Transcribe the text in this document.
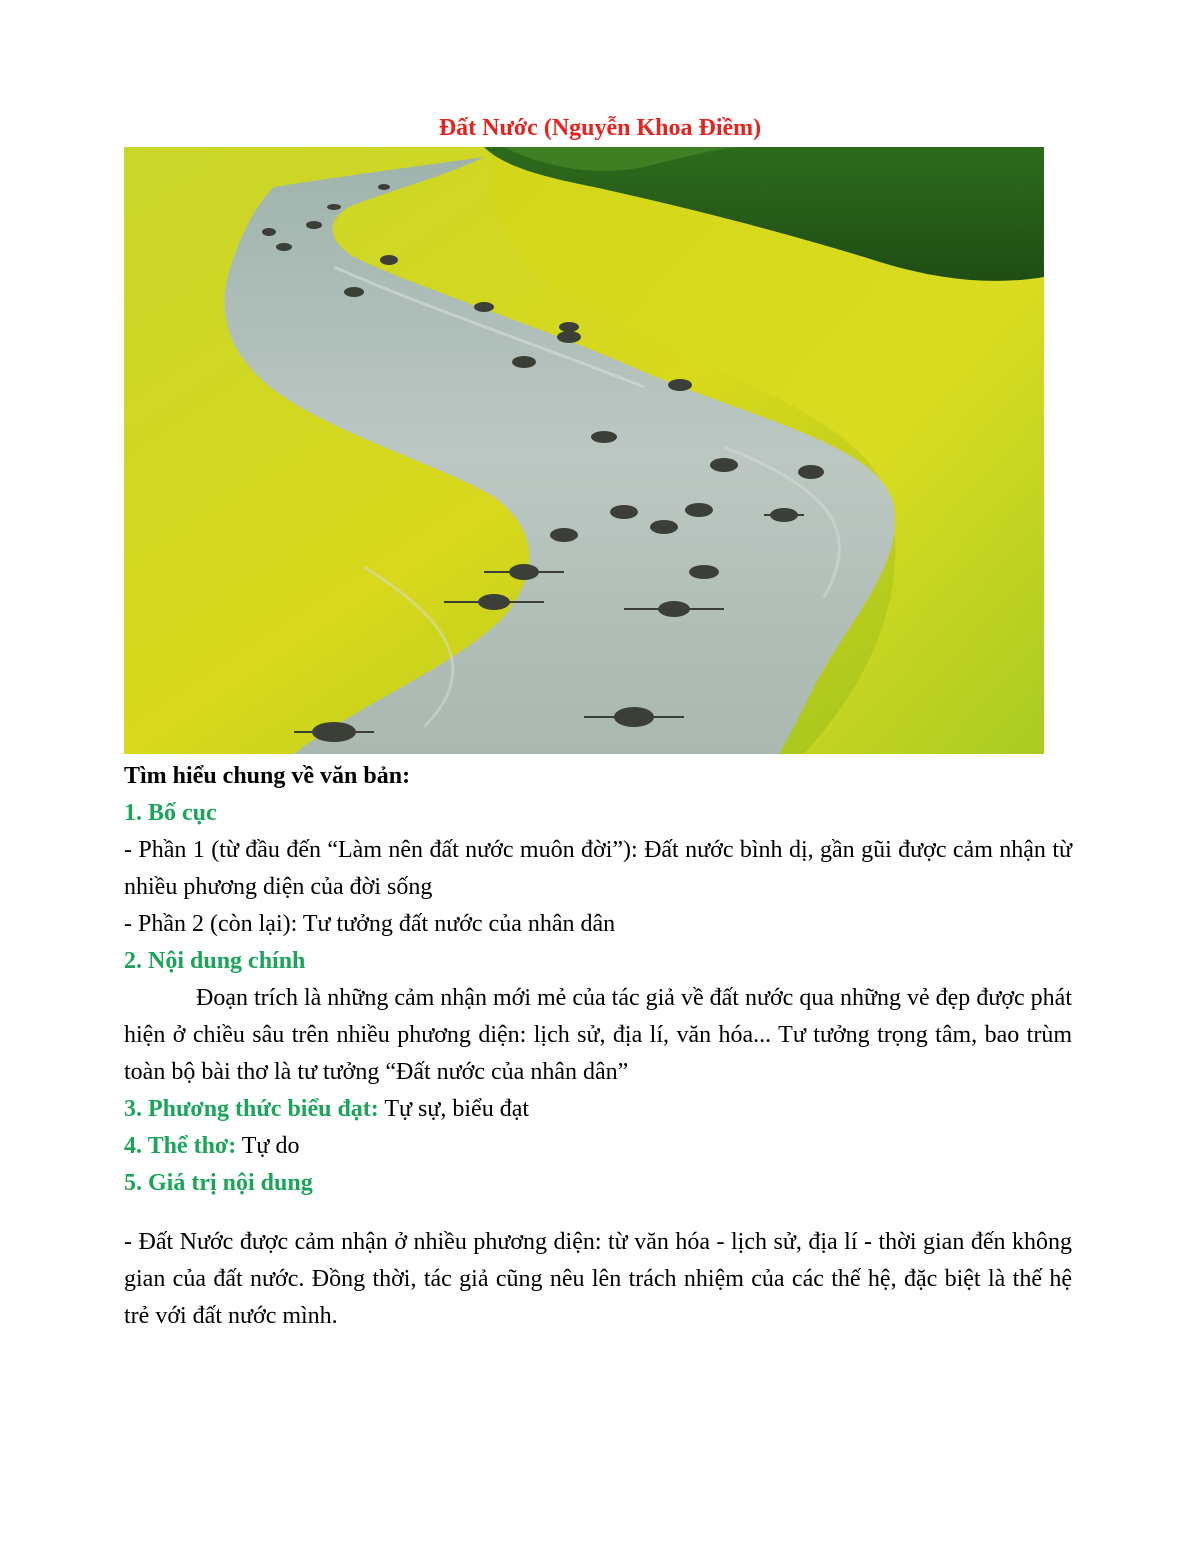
Đất Nước (Nguyễn Khoa Điềm)

Tìm hiểu chung về văn bản:

1. Bố cục

- Phần 1 (từ đầu đến “Làm nên đất nước muôn đời”): Đất nước bình dị, gần gũi được cảm nhận từ nhiều phương diện của đời sống

- Phần 2 (còn lại): Tư tưởng đất nước của nhân dân

2. Nội dung chính

Đoạn trích là những cảm nhận mới mẻ của tác giả về đất nước qua những vẻ đẹp được phát hiện ở chiều sâu trên nhiều phương diện: lịch sử, địa lí, văn hóa... Tư tưởng trọng tâm, bao trùm toàn bộ bài thơ là tư tưởng “Đất nước của nhân dân”

3. Phương thức biểu đạt: Tự sự, biểu đạt

4. Thể thơ: Tự do

5. Giá trị nội dung

- Đất Nước được cảm nhận ở nhiều phương diện: từ văn hóa - lịch sử, địa lí - thời gian đến không gian của đất nước. Đồng thời, tác giả cũng nêu lên trách nhiệm của các thế hệ, đặc biệt là thế hệ trẻ với đất nước mình.
